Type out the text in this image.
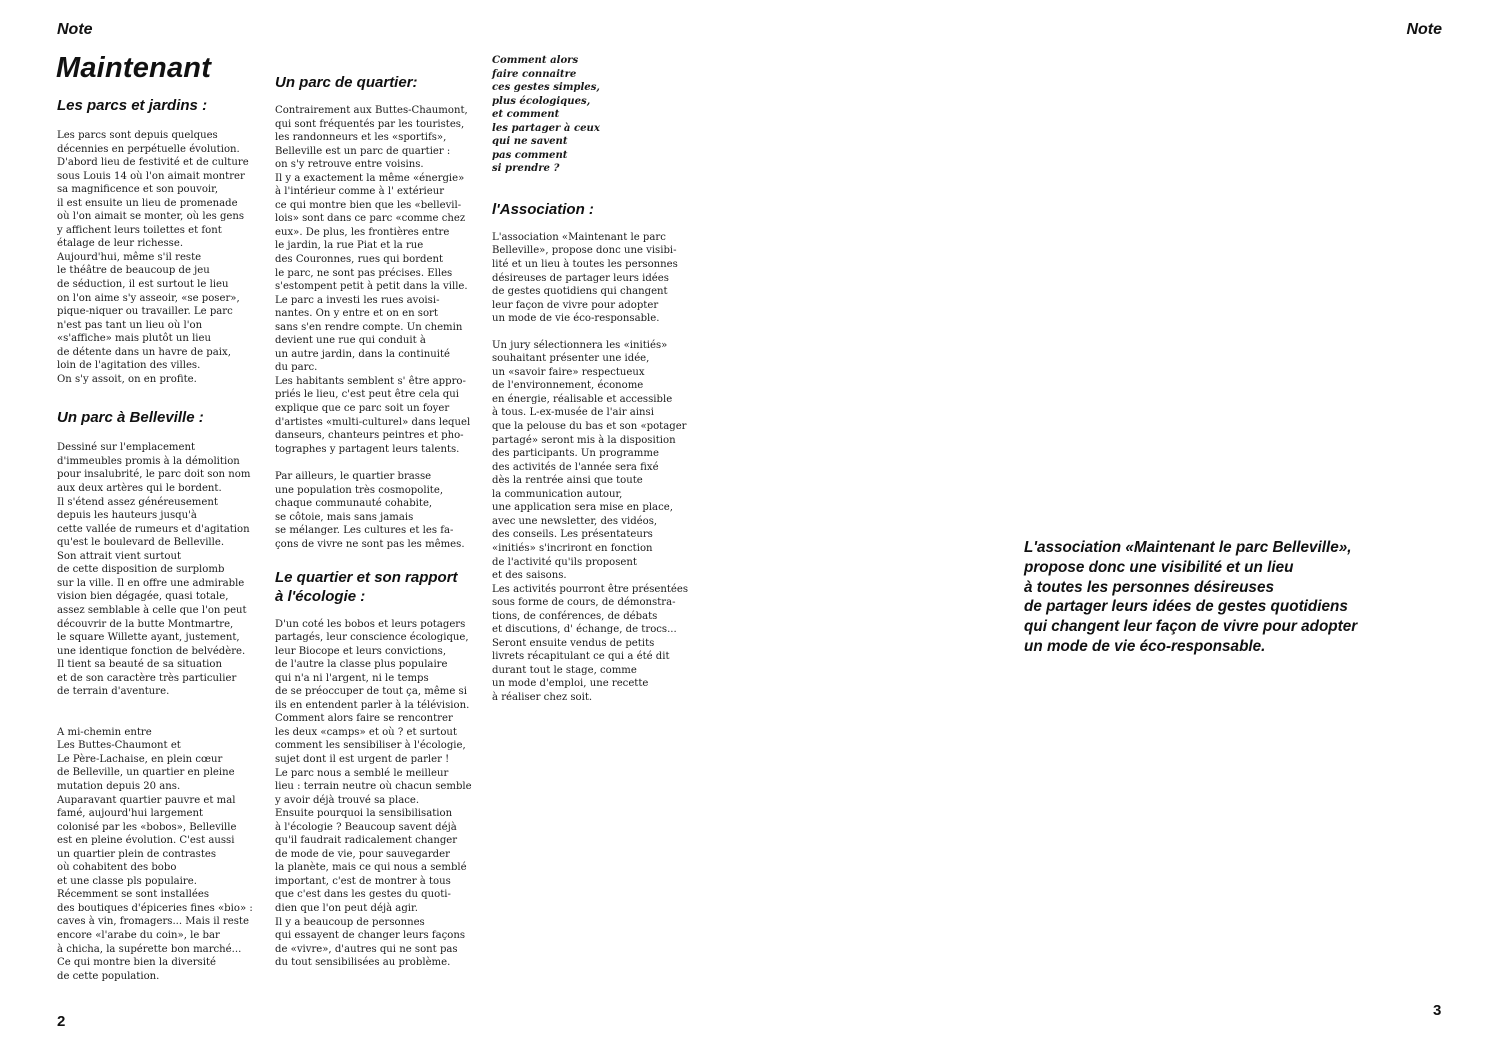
Note
Maintenant
Les parcs et jardins :

Les parcs sont depuis quelques
décennies en perpétuelle évolution.
D'abord lieu de festivité et de culture
sous Louis 14 où l'on aimait montrer
sa magnificence et son pouvoir,
il est ensuite un lieu de promenade
où l'on aimait se monter, où les gens
y affichent leurs toilettes et font
étalage de leur richesse.
Aujourd'hui, même s'il reste
le théâtre de beaucoup de jeu
de séduction, il est surtout le lieu
on l'on aime s'y asseoir, «se poser»,
pique-niquer ou travailler. Le parc
n'est pas tant un lieu où l'on
«s'affiche» mais plutôt un lieu
de détente dans un havre de paix,
loin de l'agitation des villes.
On s'y assoit, on en profite.

Un parc à Belleville :

Dessiné sur l'emplacement
d'immeubles promis à la démolition
pour insalubrité, le parc doit son nom
aux deux artères qui le bordent.
Il s'étend assez généreusement
depuis les hauteurs jusqu'à
cette vallée de rumeurs et d'agitation
qu'est le boulevard de Belleville.
Son attrait vient surtout
de cette disposition de surplomb
sur la ville. Il en offre une admirable
vision bien dégagée, quasi totale,
assez semblable à celle que l'on peut
découvrir de la butte Montmartre,
le square Willette ayant, justement,
une identique fonction de belvédère.
Il tient sa beauté de sa situation
et de son caractère très particulier
de terrain d'aventure.

A mi-chemin entre
Les Buttes-Chaumont et
Le Père-Lachaise, en plein cœur
de Belleville, un quartier en pleine
mutation depuis 20 ans.
Auparavant quartier pauvre et mal
famé, aujourd'hui largement
colonisé par les «bobos», Belleville
est en pleine évolution. C'est aussi
un quartier plein de contrastes
où cohabitent des bobo
et une classe pls populaire.
Récemment se sont installées
des boutiques d'épiceries fines «bio» :
caves à vin, fromagers... Mais il reste
encore «l'arabe du coin», le bar
à chicha, la supérette bon marché...
Ce qui montre bien la diversité
de cette population.

Un parc de quartier:

Contrairement aux Buttes-Chaumont,
qui sont fréquentés par les touristes,
les randonneurs et les «sportifs»,
Belleville est un parc de quartier :
on s'y retrouve entre voisins.
Il y a exactement la même «énergie»
à l'intérieur comme à l' extérieur
ce qui montre bien que les «bellevil-
lois» sont dans ce parc «comme chez
eux». De plus, les frontières entre
le jardin, la rue Piat et la rue
des Couronnes, rues qui bordent
le parc, ne sont pas précises. Elles
s'estompent petit à petit dans la ville.
Le parc a investi les rues avoisi-
nantes. On y entre et on en sort
sans s'en rendre compte. Un chemin
devient une rue qui conduit à
un autre jardin, dans la continuité
du parc.
Les habitants semblent s' être appro-
priés le lieu, c'est peut être cela qui
explique que ce parc soit un foyer
d'artistes «multi-culturel» dans lequel
danseurs, chanteurs peintres et pho-
tographes y partagent leurs talents.

Par ailleurs, le quartier brasse
une population très cosmopolite,
chaque communauté cohabite,
se côtoie, mais sans jamais
se mélanger. Les cultures et les fa-
çons de vivre ne sont pas les mêmes.

Le quartier et son rapport
à l'écologie :

D'un coté les bobos et leurs potagers
partagés, leur conscience écologique,
leur Biocope et leurs convictions,
de l'autre la classe plus populaire
qui n'a ni l'argent, ni le temps
de se préoccuper de tout ça, même si
ils en entendent parler à la télévision.
Comment alors faire se rencontrer
les deux «camps» et où ? et surtout
comment les sensibiliser à l'écologie,
sujet dont il est urgent de parler !
Le parc nous a semblé le meilleur
lieu : terrain neutre où chacun semble
y avoir déjà trouvé sa place.
Ensuite pourquoi la sensibilisation
à l'écologie ? Beaucoup savent déjà
qu'il faudrait radicalement changer
de mode de vie, pour sauvegarder
la planète, mais ce qui nous a semblé
important, c'est de montrer à tous
que c'est dans les gestes du quoti-
dien que l'on peut déjà agir.
Il y a beaucoup de personnes
qui essayent de changer leurs façons
de «vivre», d'autres qui ne sont pas
du tout sensibilisées au problème.

Comment alors
faire connaitre
ces gestes simples,
plus écologiques,
et comment
les partager à ceux
qui ne savent
pas comment
si prendre ?

l'Association :

L'association «Maintenant le parc
Belleville», propose donc une visibi-
lité et un lieu à toutes les personnes
désireuses de partager leurs idées
de gestes quotidiens qui changent
leur façon de vivre pour adopter
un mode de vie éco-responsable.

Un jury sélectionnera les «initiés»
souhaitant présenter une idée,
un «savoir faire» respectueux
de l'environnement, économe
en énergie, réalisable et accessible
à tous. L-ex-musée de l'air ainsi
que la pelouse du bas et son «potager
partagé» seront mis à la disposition
des participants. Un programme
des activités de l'année sera fixé
dès la rentrée ainsi que toute
la communication autour,
une application sera mise en place,
avec une newsletter, des vidéos,
des conseils. Les présentateurs
«initiés» s'incriront en fonction
de l'activité qu'ils proposent
et des saisons.
Les activités pourront être présentées
sous forme de cours, de démonstra-
tions, de conférences, de débats
et discutions, d' échange, de trocs...
Seront ensuite vendus de petits
livrets récapitulant ce qui a été dit
durant tout le stage, comme
un mode d'emploi, une recette
à réaliser chez soit.

2
Note

L'association «Maintenant le parc Belleville»,
propose donc une visibilité et un lieu
à toutes les personnes désireuses
de partager leurs idées de gestes quotidiens
qui changent leur façon de vivre pour adopter
un mode de vie éco-responsable.

3
